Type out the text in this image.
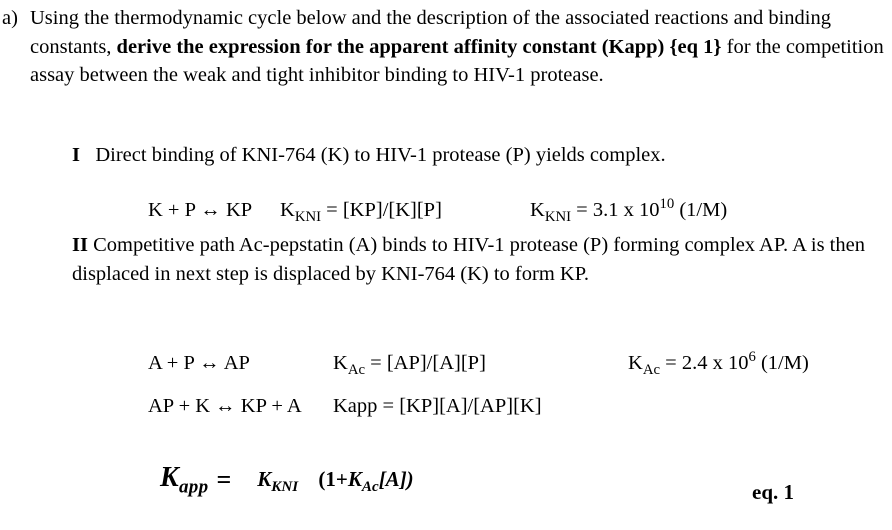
a) Using the thermodynamic cycle below and the description of the associated reactions and binding constants, derive the expression for the apparent affinity constant (Kapp) {eq 1} for the competition assay between the weak and tight inhibitor binding to HIV-1 protease.
I Direct binding of KNI-764 (K) to HIV-1 protease (P) yields complex.
K + P ↔ KP $K_{KNI} = [KP]/[K][P]$	$K_{KNI} = 3.1$ x $10^{10}$ (1/M)
II Competitive path Ac-pepstatin (A) binds to HIV-1 protease (P) forming complex AP. A is then displaced in next step is displaced by KNI-764 (K) to form KP.
A + P ↔ AP	$K_{Ac} = [AP]/[A][P]$	$K_{Ac} = 2.4$ x $10^6$ (1/M)
AP + K ↔ KP + A Kapp = [KP][A]/[AP][K]
$K_{app}$ =	$K_{KNI}$ $(1+K_{Ac}[A])$
eq. 1
